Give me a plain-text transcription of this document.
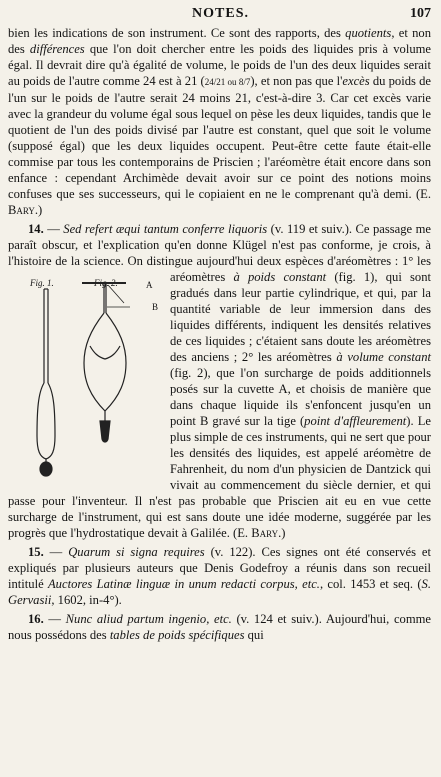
NOTES.	107

bien les indications de son instrument. Ce sont des rapports, des quotients, et non des différences que l'on doit chercher entre les poids des liquides pris à volume égal. Il devrait dire qu'à égalité de volume, le poids de l'un des deux liquides serait au poids de l'autre comme 24 est à 21 (24/21 ou 8/7), et non pas que l'excès du poids de l'un sur le poids de l'autre serait 24 moins 21, c'est-à-dire 3. Car cet excès varie avec la grandeur du volume égal sous lequel on pèse les deux liquides, tandis que le quotient de l'un des poids divisé par l'autre est constant, quel que soit le volume (supposé égal) que les deux liquides occupent. Peut-être cette faute était-elle commise par tous les contemporains de Priscien ; l'aréomètre était encore dans son enfance : cependant Archimède devait avoir sur ce point des notions moins confuses que ses successeurs, qui le copiaient en ne le comprenant qu'à demi. (E. Bary.)

14. — Sed refert æqui tantum conferre liquoris (v. 119 et suiv.). Ce passage me paraît obscur, et l'explication qu'en donne Klügel n'est pas conforme, je crois, à l'histoire de la science. On distingue aujourd'hui deux espèces d'aréomètres : 1° les aréomètres
Fig. 1.	Fig. 2.	A
B
à poids constant (fig. 1), qui sont gradués dans leur partie cylindrique, et qui, par la quantité variable de leur immersion dans des liquides différents, indiquent les densités relatives de ces liquides ; c'étaient sans doute les aréomètres des anciens ; 2° les aréomètres à volume constant (fig. 2), que l'on surcharge de poids additionnels posés sur la cuvette A, et choisis de manière que dans chaque liquide ils s'enfoncent jusqu'en un point B gravé sur la tige (point d'affleurement). Le plus simple de ces instruments, qui ne sert que pour les densités des liquides, est appelé aréomètre de Fahrenheit, du nom d'un physicien de Dantzick qui vivait au commencement du siècle dernier, et qui passe pour l'inventeur. Il n'est pas probable que Priscien ait eu en vue cette surcharge de l'instrument, qui est sans doute une idée moderne, suggérée par les progrès que l'hydrostatique devait à Galilée. (E. Bary.)

15. — Quarum si signa requires (v. 122). Ces signes ont été conservés et expliqués par plusieurs auteurs que Denis Godefroy a réunis dans son recueil intitulé Auctores Latinæ linguæ in unum redacti corpus, etc., col. 1453 et seq. (S. Gervasii, 1602, in-4°).

16. — Nunc aliud partum ingenio, etc. (v. 124 et suiv.). Aujourd'hui, comme nous possédons des tables de poids spécifiques qui
